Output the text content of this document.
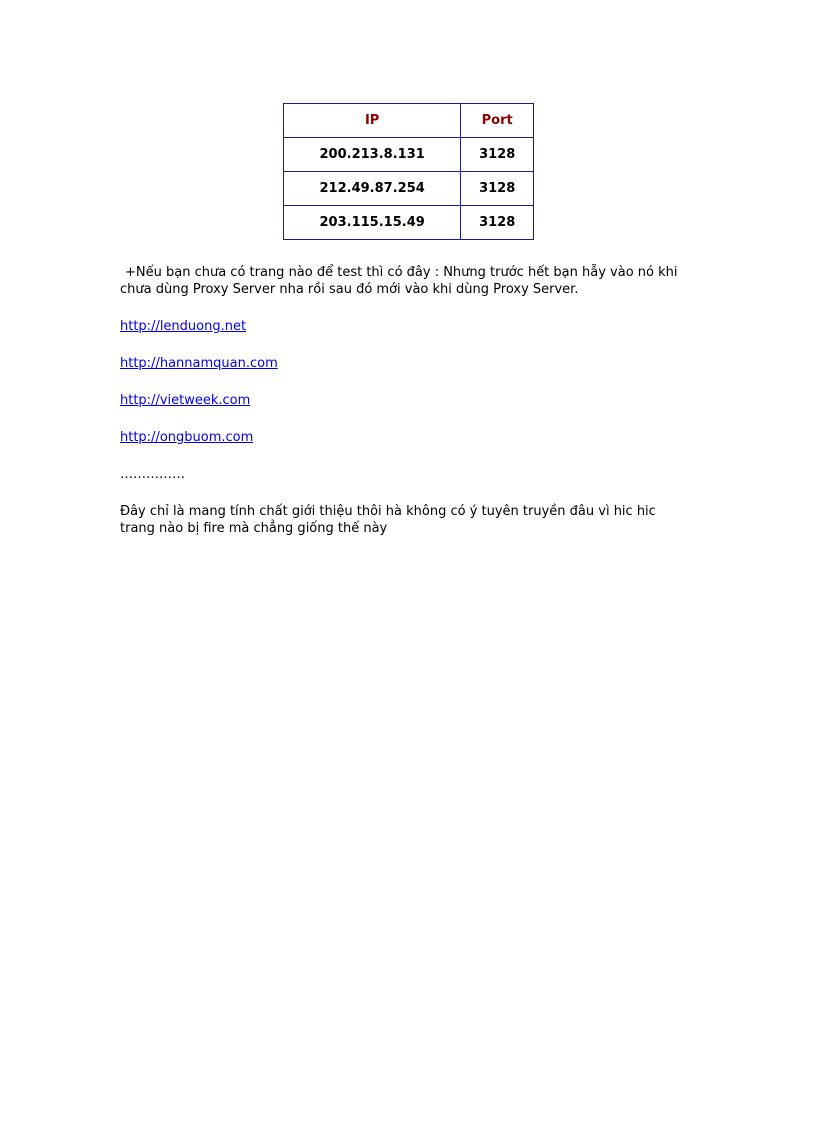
IP	Port
200.213.8.131	3128
212.49.87.254	3128
203.115.15.49	3128

+Nếu bạn chưa có trang nào để test thì có đây : Nhưng trước hết bạn hẫy vào nó khi chưa dùng Proxy Server nha rồi sau đó mới vào khi dùng Proxy Server.

http://lenduong.net

http://hannamquan.com

http://vietweek.com

http://ongbuom.com

……………

Đây chỉ là mang tính chất giới thiệu thôi hà không có ý tuyên truyền đâu vì hic hic trang nào bị fire mà chẳng giống thế này
